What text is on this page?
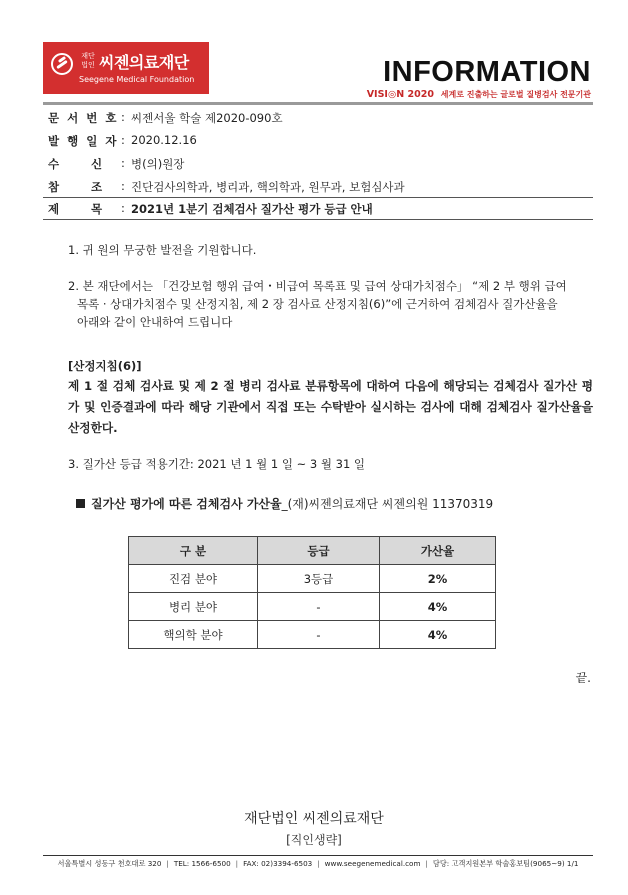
재단법인 씨젠의료재단
Seegene Medical Foundation	INFORMATION
VISI◎N 2020 세계로 진출하는 글로벌 질병검사 전문기관
문 서 번 호 : 씨젠서울 학술 제2020-090호
발 행 일 자 : 2020.12.16
수	신 : 병(의)원장
참	조 : 진단검사의학과, 병리과, 핵의학과, 원무과, 보험심사과
제	목 : 2021년 1분기 검체검사 질가산 평가 등급 안내
1. 귀 원의 무궁한 발전을 기원합니다.
2. 본 재단에서는 「건강보험 행위 급여・비급여 목록표 및 급여 상대가치점수」 “제 2 부 행위 급여
목록 · 상대가치점수 및 산정지침, 제 2 장 검사료 산정지침(6)”에 근거하여 검체검사 질가산율을
아래와 같이 안내하여 드립니다
[산정지침(6)]
제 1 절 검체 검사료 및 제 2 절 병리 검사료 분류항목에 대하여 다음에 해당되는 검체검사 질가산 평가 및 인증결과에 따라 해당 기관에서 직접 또는 수탁받아 실시하는 검사에 대해 검체검사 질가산율을 산정한다.
3. 질가산 등급 적용기간: 2021 년 1 월 1 일 ~ 3 월 31 일
질가산 평가에 따른 검체검사 가산율_(재)씨젠의료재단 씨젠의원 11370319
구 분	등급	가산율
진검 분야	3등급	2%
병리 분야	-	4%
핵의학 분야	-	4%
끝.
재단법인 씨젠의료재단
[직인생략]
서울특별시 성동구 천호대로 320 | TEL: 1566-6500 | FAX: 02)3394-6503 | www.seegenemedical.com | 담당: 고객지원본부 학술홍보팀(9065~9) 1/1
